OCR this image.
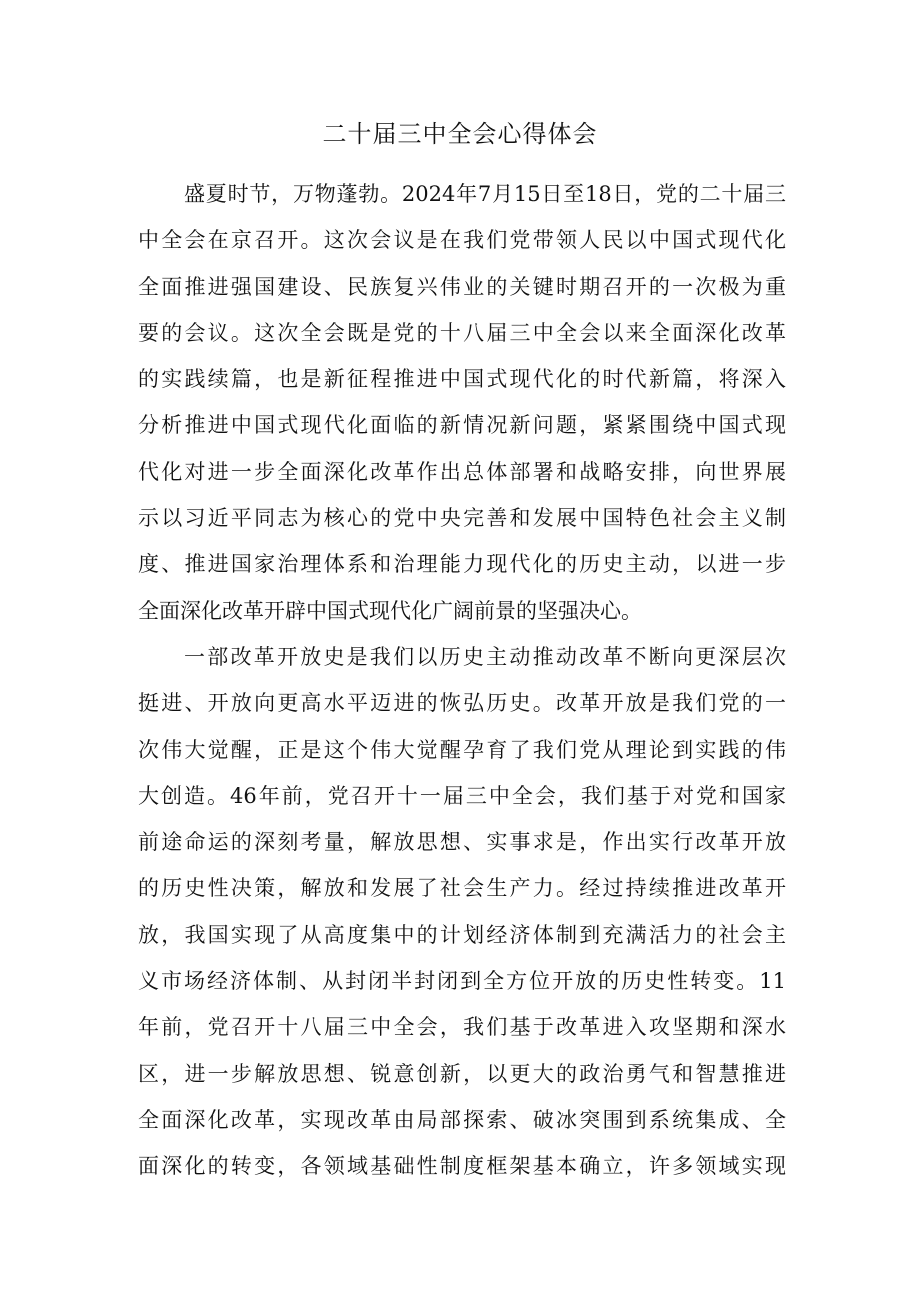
二十届三中全会心得体会
盛夏时节，万物蓬勃。2024年7月15日至18日，党的二十届三
中全会在京召开。这次会议是在我们党带领人民以中国式现代化
全面推进强国建设、民族复兴伟业的关键时期召开的一次极为重
要的会议。这次全会既是党的十八届三中全会以来全面深化改革
的实践续篇，也是新征程推进中国式现代化的时代新篇，将深入
分析推进中国式现代化面临的新情况新问题，紧紧围绕中国式现
代化对进一步全面深化改革作出总体部署和战略安排，向世界展
示以习近平同志为核心的党中央完善和发展中国特色社会主义制
度、推进国家治理体系和治理能力现代化的历史主动，以进一步
全面深化改革开辟中国式现代化广阔前景的坚强决心。
一部改革开放史是我们以历史主动推动改革不断向更深层次
挺进、开放向更高水平迈进的恢弘历史。改革开放是我们党的一
次伟大觉醒，正是这个伟大觉醒孕育了我们党从理论到实践的伟
大创造。46年前，党召开十一届三中全会，我们基于对党和国家
前途命运的深刻考量，解放思想、实事求是，作出实行改革开放
的历史性决策，解放和发展了社会生产力。经过持续推进改革开
放，我国实现了从高度集中的计划经济体制到充满活力的社会主
义市场经济体制、从封闭半封闭到全方位开放的历史性转变。11
年前，党召开十八届三中全会，我们基于改革进入攻坚期和深水
区，进一步解放思想、锐意创新，以更大的政治勇气和智慧推进
全面深化改革，实现改革由局部探索、破冰突围到系统集成、全
面深化的转变，各领域基础性制度框架基本确立，许多领域实现
